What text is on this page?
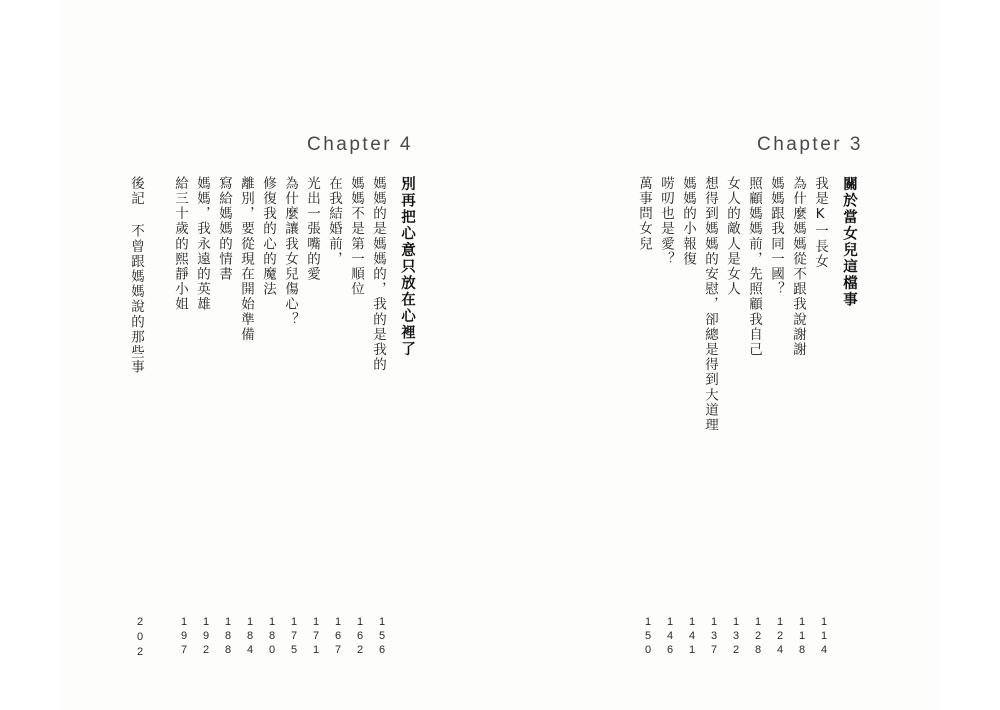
Chapter 3
關於當女兒這檔事
我是K一長女
為什麼媽媽從不跟我說謝謝
媽媽跟我同一國？
照顧媽媽前，先照顧我自己
女人的敵人是女人
想得到媽媽的安慰，卻總是得到大道理
媽媽的小報復
唠叨也是愛？
萬事問女兒
114
118
124
128
132
137
141
146
150
Chapter 4
別再把心意只放在心裡了
媽媽的是媽媽的，我的是我的
媽媽不是第一順位
在我結婚前，
光出一張嘴的愛
為什麼讓我女兒傷心？
修復我的心的魔法
離別，要從現在開始準備
寫給媽媽的情書
媽媽，我永遠的英雄
給三十歲的熙靜小姐
後記 不曾跟媽媽說的那些事
156
162
167
171
175
180
184
188
192
197
202
